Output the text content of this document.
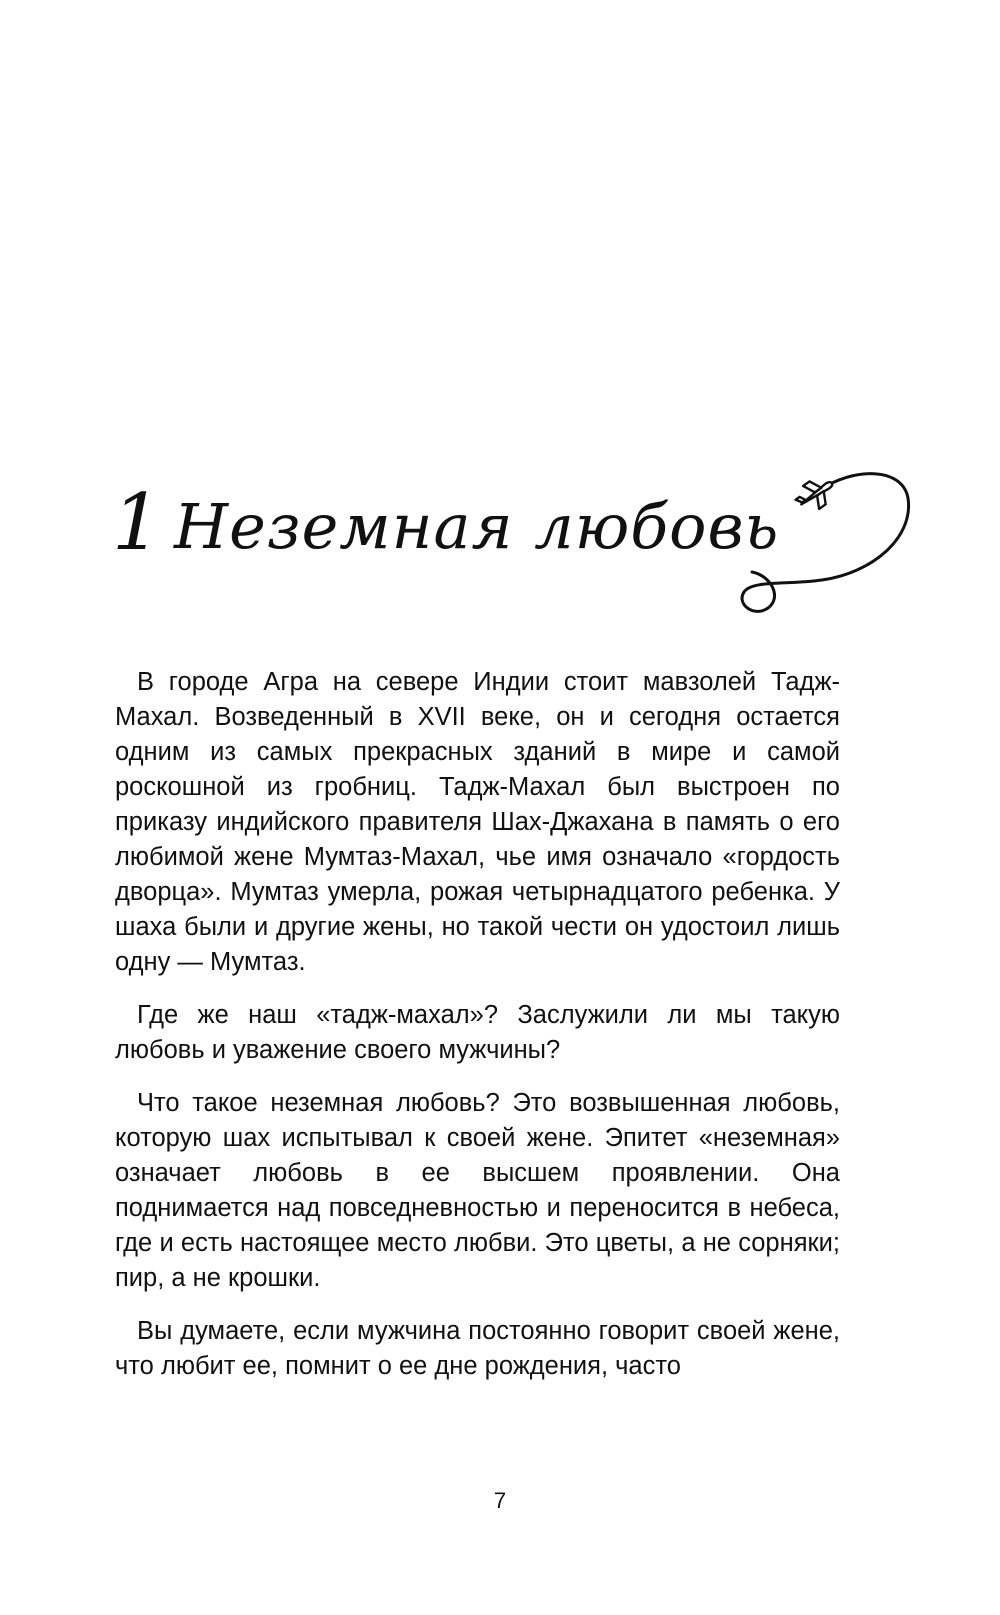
1 Неземная любовь

В городе Агра на севере Индии стоит мавзолей Тадж-Махал. Возведенный в XVII веке, он и сегодня остается одним из самых прекрасных зданий в мире и самой роскошной из гробниц. Тадж-Махал был выстроен по приказу индийского правителя Шах-Джахана в память о его любимой жене Мумтаз-Махал, чье имя означало «гордость дворца». Мумтаз умерла, рожая четырнадцатого ребенка. У шаха были и другие жены, но такой чести он удостоил лишь одну — Мумтаз.

Где же наш «тадж-махал»? Заслужили ли мы такую любовь и уважение своего мужчины?

Что такое неземная любовь? Это возвышенная любовь, которую шах испытывал к своей жене. Эпитет «неземная» означает любовь в ее высшем проявлении. Она поднимается над повседневностью и переносится в небеса, где и есть настоящее место любви. Это цветы, а не сорняки; пир, а не крошки.

Вы думаете, если мужчина постоянно говорит своей жене, что любит ее, помнит о ее дне рождения, часто

7
